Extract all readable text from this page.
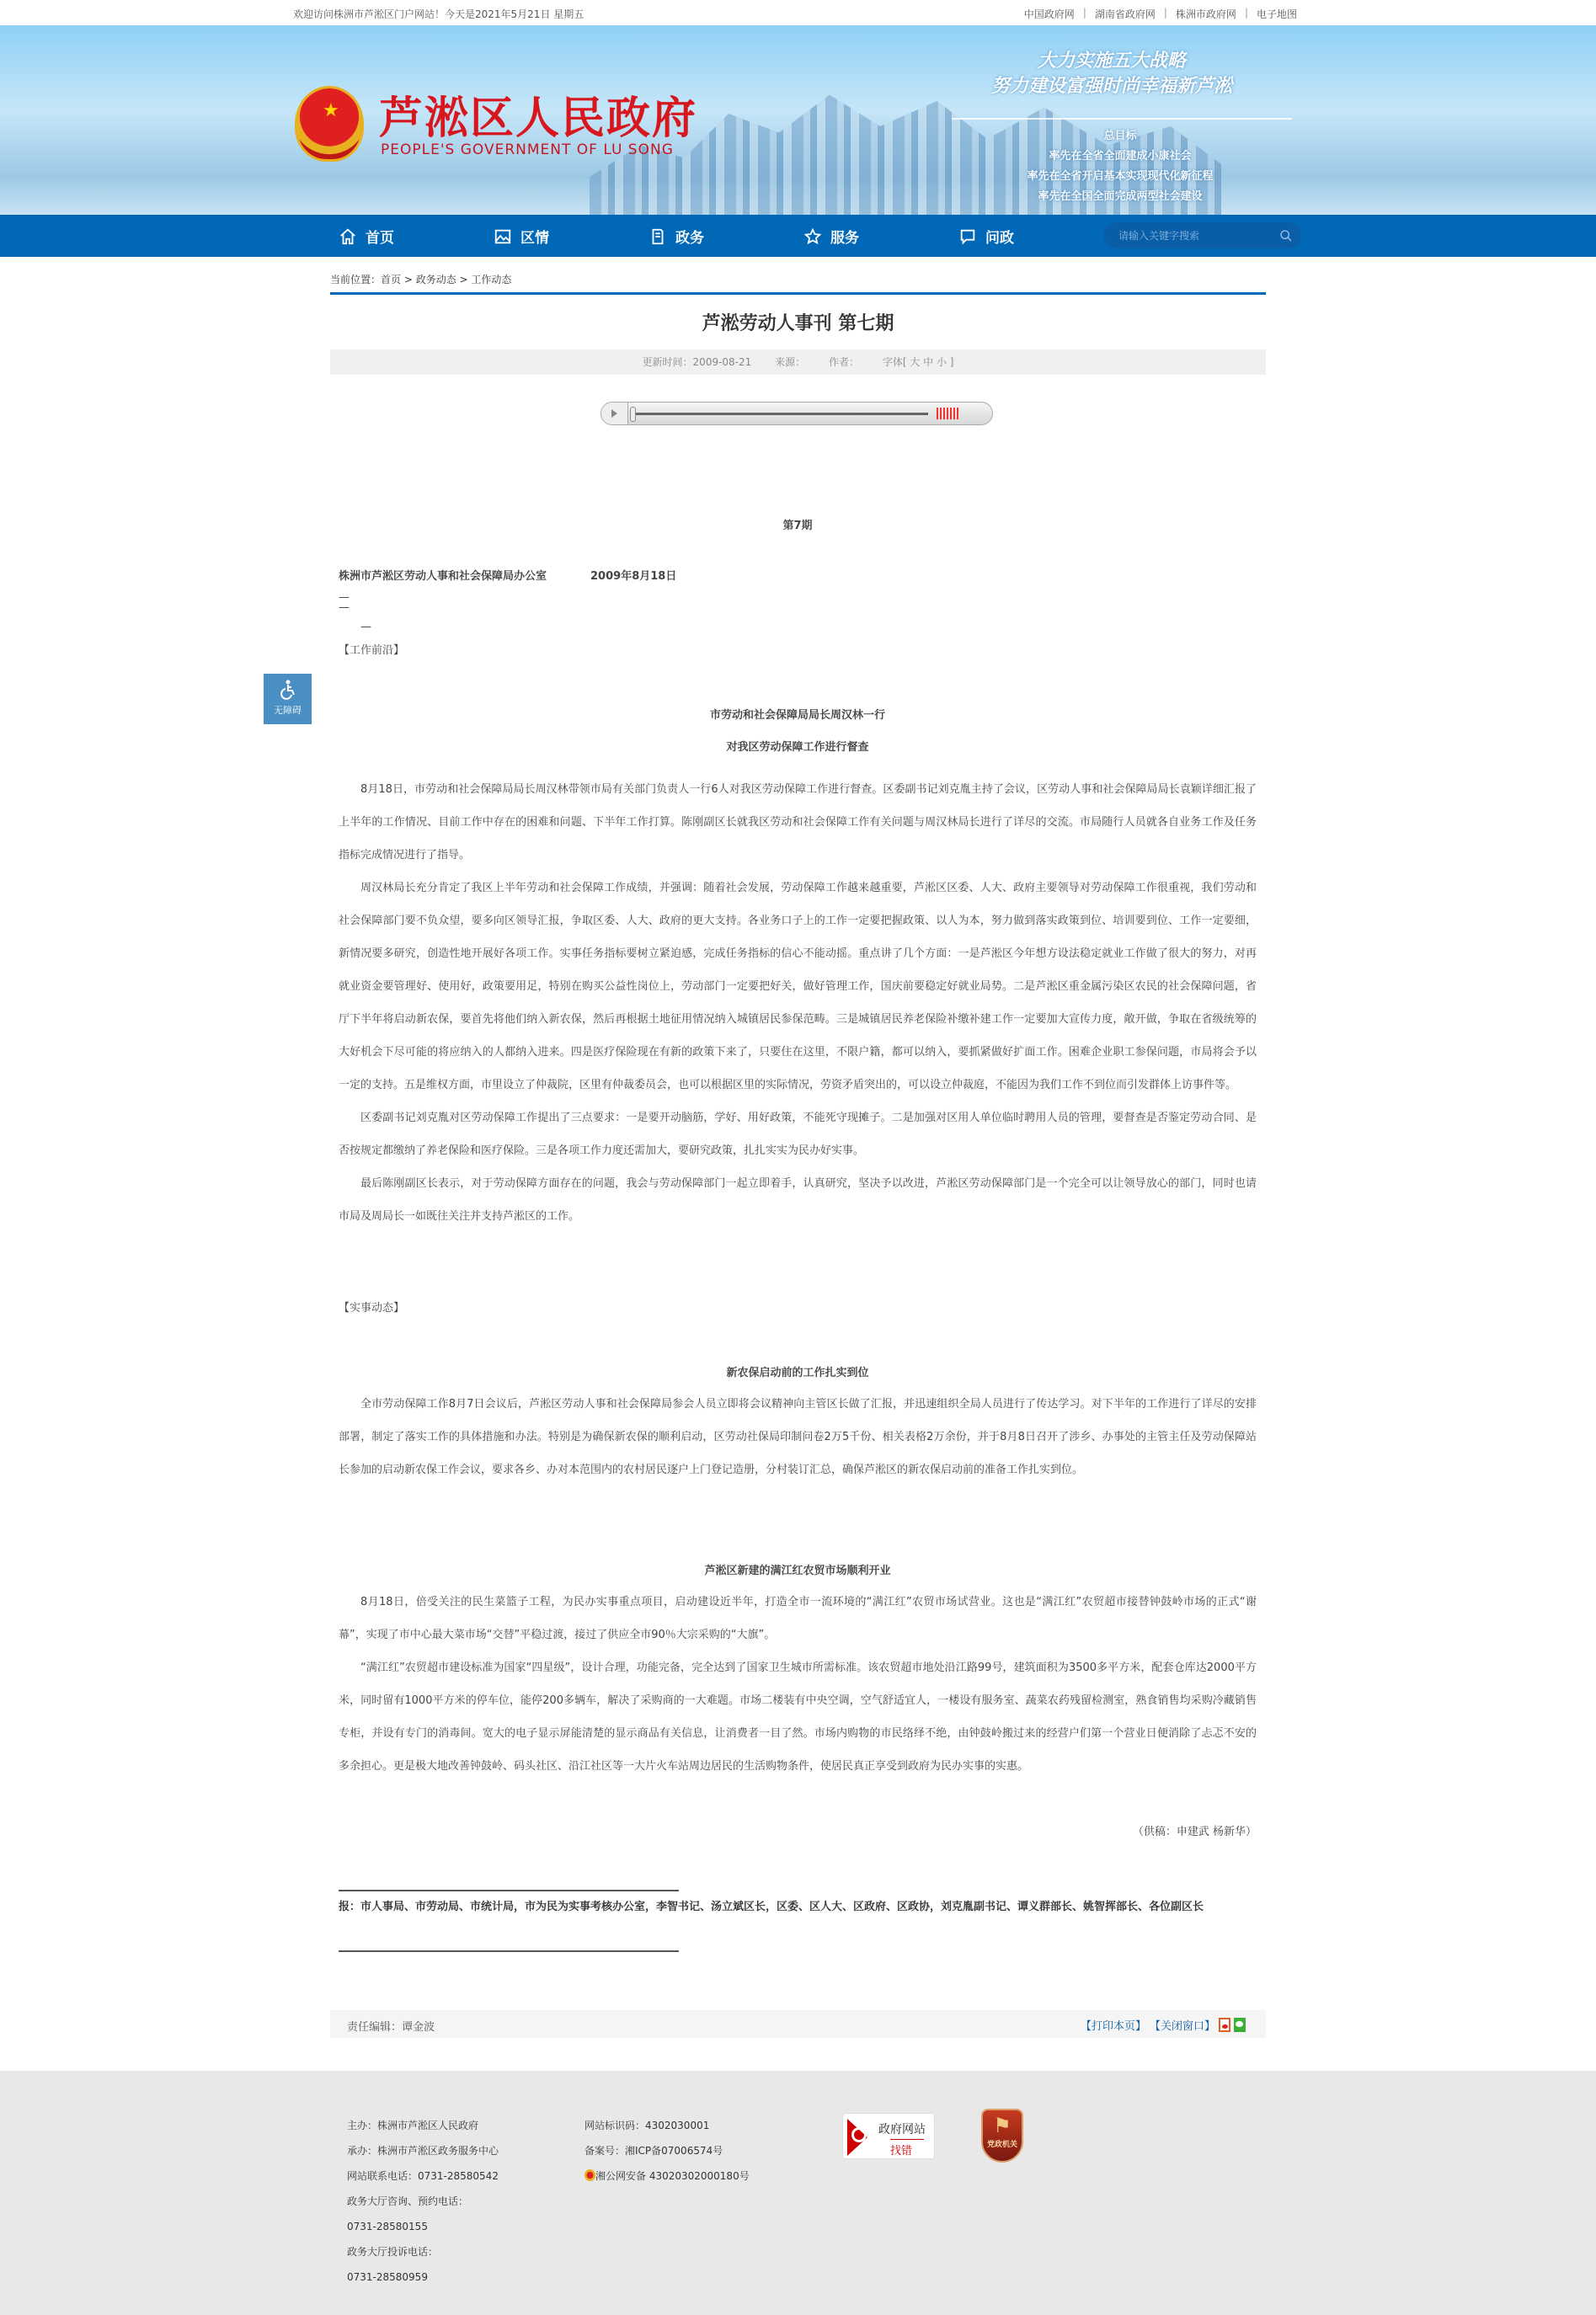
欢迎访问株洲市芦淞区门户网站！今天是2021年5月21日 星期五	中国政府网 | 湖南省政府网 | 株洲市政府网 | 电子地图
★ 芦淞区人民政府
PEOPLE'S GOVERNMENT OF LU SONG
大力实施五大战略
努力建设富强时尚幸福新芦淞
总目标
率先在全省全面建成小康社会
率先在全省开启基本实现现代化新征程
率先在全国全面完成两型社会建设
首页	区情	政务	服务	问政
请输入关键字搜索
当前位置：首页 > 政务动态 > 工作动态
芦淞劳动人事刊 第七期
更新时间：2009-08-21 来源： 作者： 字体[ 大 中 小 ]
无障碍
第7期
株洲市芦淞区劳动人事和社会保障局办公室	2009年8月18日
—
—
—
【工作前沿】
市劳动和社会保障局局长周汉林一行
对我区劳动保障工作进行督查

8月18日，市劳动和社会保障局局长周汉林带领市局有关部门负责人一行6人对我区劳动保障工作进行督查。区委副书记刘克胤主持了会议，区劳动人事和社会保障局局长袁颖详细汇报了上半年的工作情况、目前工作中存在的困难和问题、下半年工作打算。陈刚副区长就我区劳动和社会保障工作有关问题与周汉林局长进行了详尽的交流。市局随行人员就各自业务工作及任务指标完成情况进行了指导。

周汉林局长充分肯定了我区上半年劳动和社会保障工作成绩，并强调：随着社会发展，劳动保障工作越来越重要，芦淞区区委、人大、政府主要领导对劳动保障工作很重视，我们劳动和社会保障部门要不负众望，要多向区领导汇报，争取区委、人大、政府的更大支持。各业务口子上的工作一定要把握政策、以人为本，努力做到落实政策到位、培训要到位、工作一定要细，新情况要多研究，创造性地开展好各项工作。实事任务指标要树立紧迫感，完成任务指标的信心不能动摇。重点讲了几个方面：一是芦淞区今年想方设法稳定就业工作做了很大的努力，对再就业资金要管理好、使用好，政策要用足，特别在购买公益性岗位上，劳动部门一定要把好关，做好管理工作，国庆前要稳定好就业局势。二是芦淞区重金属污染区农民的社会保障问题，省厅下半年将启动新农保，要首先将他们纳入新农保，然后再根据土地征用情况纳入城镇居民参保范畴。三是城镇居民养老保险补缴补建工作一定要加大宣传力度，敞开做，争取在省级统筹的大好机会下尽可能的将应纳入的人都纳入进来。四是医疗保险现在有新的政策下来了，只要住在这里，不限户籍，都可以纳入，要抓紧做好扩面工作。困难企业职工参保问题，市局将会予以一定的支持。五是维权方面，市里设立了仲裁院，区里有仲裁委员会，也可以根据区里的实际情况，劳资矛盾突出的，可以设立仲裁庭，不能因为我们工作不到位而引发群体上访事件等。

区委副书记刘克胤对区劳动保障工作提出了三点要求：一是要开动脑筋，学好、用好政策，不能死守现摊子。二是加强对区用人单位临时聘用人员的管理，要督查是否鉴定劳动合同、是否按规定都缴纳了养老保险和医疗保险。三是各项工作力度还需加大，要研究政策，扎扎实实为民办好实事。

最后陈刚副区长表示，对于劳动保障方面存在的问题，我会与劳动保障部门一起立即着手，认真研究，坚决予以改进，芦淞区劳动保障部门是一个完全可以让领导放心的部门，同时也请市局及周局长一如既往关注并支持芦淞区的工作。

【实事动态】
新农保启动前的工作扎实到位

全市劳动保障工作8月7日会议后，芦淞区劳动人事和社会保障局参会人员立即将会议精神向主管区长做了汇报，并迅速组织全局人员进行了传达学习。对下半年的工作进行了详尽的安排部署，制定了落实工作的具体措施和办法。特别是为确保新农保的顺利启动，区劳动社保局印制问卷2万5千份、相关表格2万余份，并于8月8日召开了涉乡、办事处的主管主任及劳动保障站长参加的启动新农保工作会议，要求各乡、办对本范围内的农村居民逐户上门登记造册，分村装订汇总，确保芦淞区的新农保启动前的准备工作扎实到位。

芦淞区新建的满江红农贸市场顺利开业

8月18日，倍受关注的民生菜篮子工程，为民办实事重点项目，启动建设近半年，打造全市一流环境的“满江红”农贸市场试营业。这也是“满江红”农贸超市接替钟鼓岭市场的正式“谢幕”，实现了市中心最大菜市场“交替”平稳过渡，接过了供应全市90％大宗采购的“大旗”。

“满江红”农贸超市建设标准为国家“四星级”，设计合理，功能完备，完全达到了国家卫生城市所需标准。该农贸超市地处沿江路99号，建筑面积为3500多平方米，配套仓库达2000平方米，同时留有1000平方米的停车位，能停200多辆车，解决了采购商的一大难题。市场二楼装有中央空调，空气舒适宜人，一楼设有服务室、蔬菜农药残留检测室，熟食销售均采购冷藏销售专柜，并设有专门的消毒间。宽大的电子显示屏能清楚的显示商品有关信息，让消费者一目了然。市场内购物的市民络绎不绝，由钟鼓岭搬过来的经营户们第一个营业日便消除了忐忑不安的多余担心。更是极大地改善钟鼓岭、码头社区、沿江社区等一大片火车站周边居民的生活购物条件，使居民真正享受到政府为民办实事的实惠。

（供稿：申建武 杨新华）
报：市人事局、市劳动局、市统计局，市为民为实事考核办公室，李智书记、汤立斌区长，区委、区人大、区政府、区政协，刘克胤副书记、谭义群部长、姚智挥部长、各位副区长
责任编辑：谭金波	【打印本页】 【关闭窗口】
主办：株洲市芦淞区人民政府
承办：株洲市芦淞区政务服务中心
网站联系电话：0731-28580542
政务大厅咨询、预约电话：
0731-28580155
政务大厅投诉电话：
0731-28580959
网站标识码：4302030001
备案号：湘ICP备07006574号
湘公网安备 43020302000180号
政府网站
找错
⚑
党政机关
